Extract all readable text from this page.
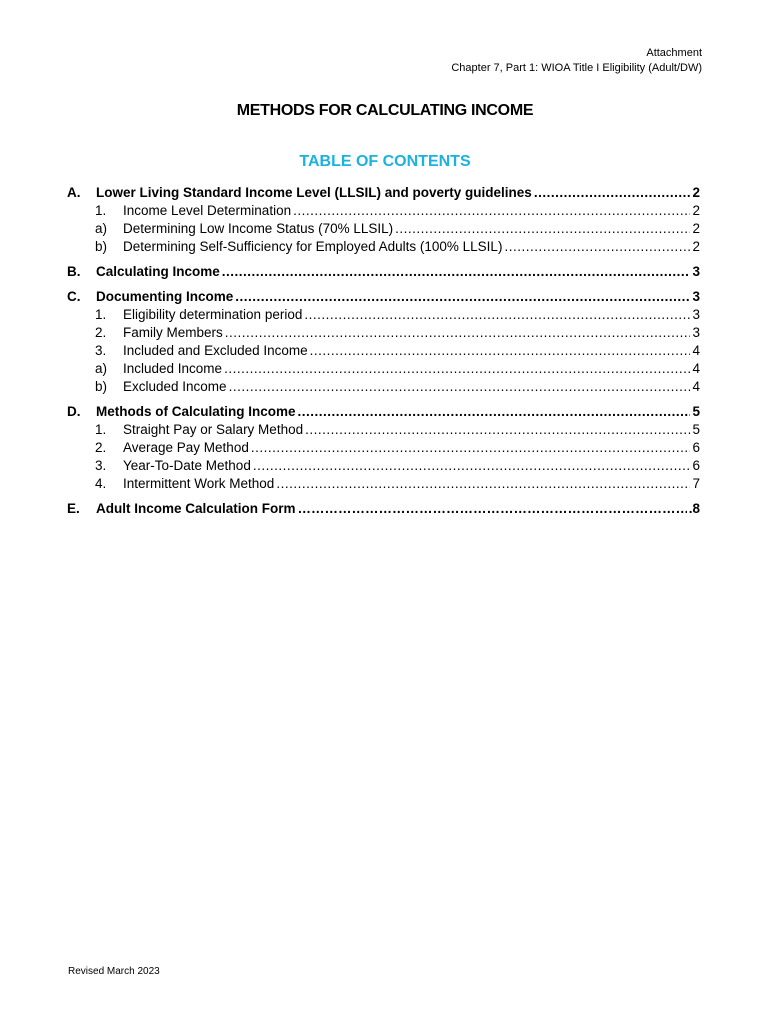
Attachment
Chapter 7, Part 1: WIOA Title I Eligibility (Adult/DW)
METHODS FOR CALCULATING INCOME
TABLE OF CONTENTS
A.	Lower Living Standard Income Level (LLSIL) and poverty guidelines .....	2
1.	Income Level Determination .....	2
a)	Determining Low Income Status (70% LLSIL) .....	2
b)	Determining Self-Sufficiency for Employed Adults (100% LLSIL) .....	2
B.	Calculating Income .....	3
C.	Documenting Income .....	3
1.	Eligibility determination period .....	3
2.	Family Members .....	3
3.	Included and Excluded Income .....	4
a)	Included Income .....	4
b)	Excluded Income .....	4
D.	Methods of Calculating Income .....	5
1.	Straight Pay or Salary Method .....	5
2.	Average Pay Method .....	6
3.	Year-To-Date Method .....	6
4.	Intermittent Work Method .....	7
E.	Adult Income Calculation Form ……………………………………………………………………………………………………………………	.8
Revised March 2023
